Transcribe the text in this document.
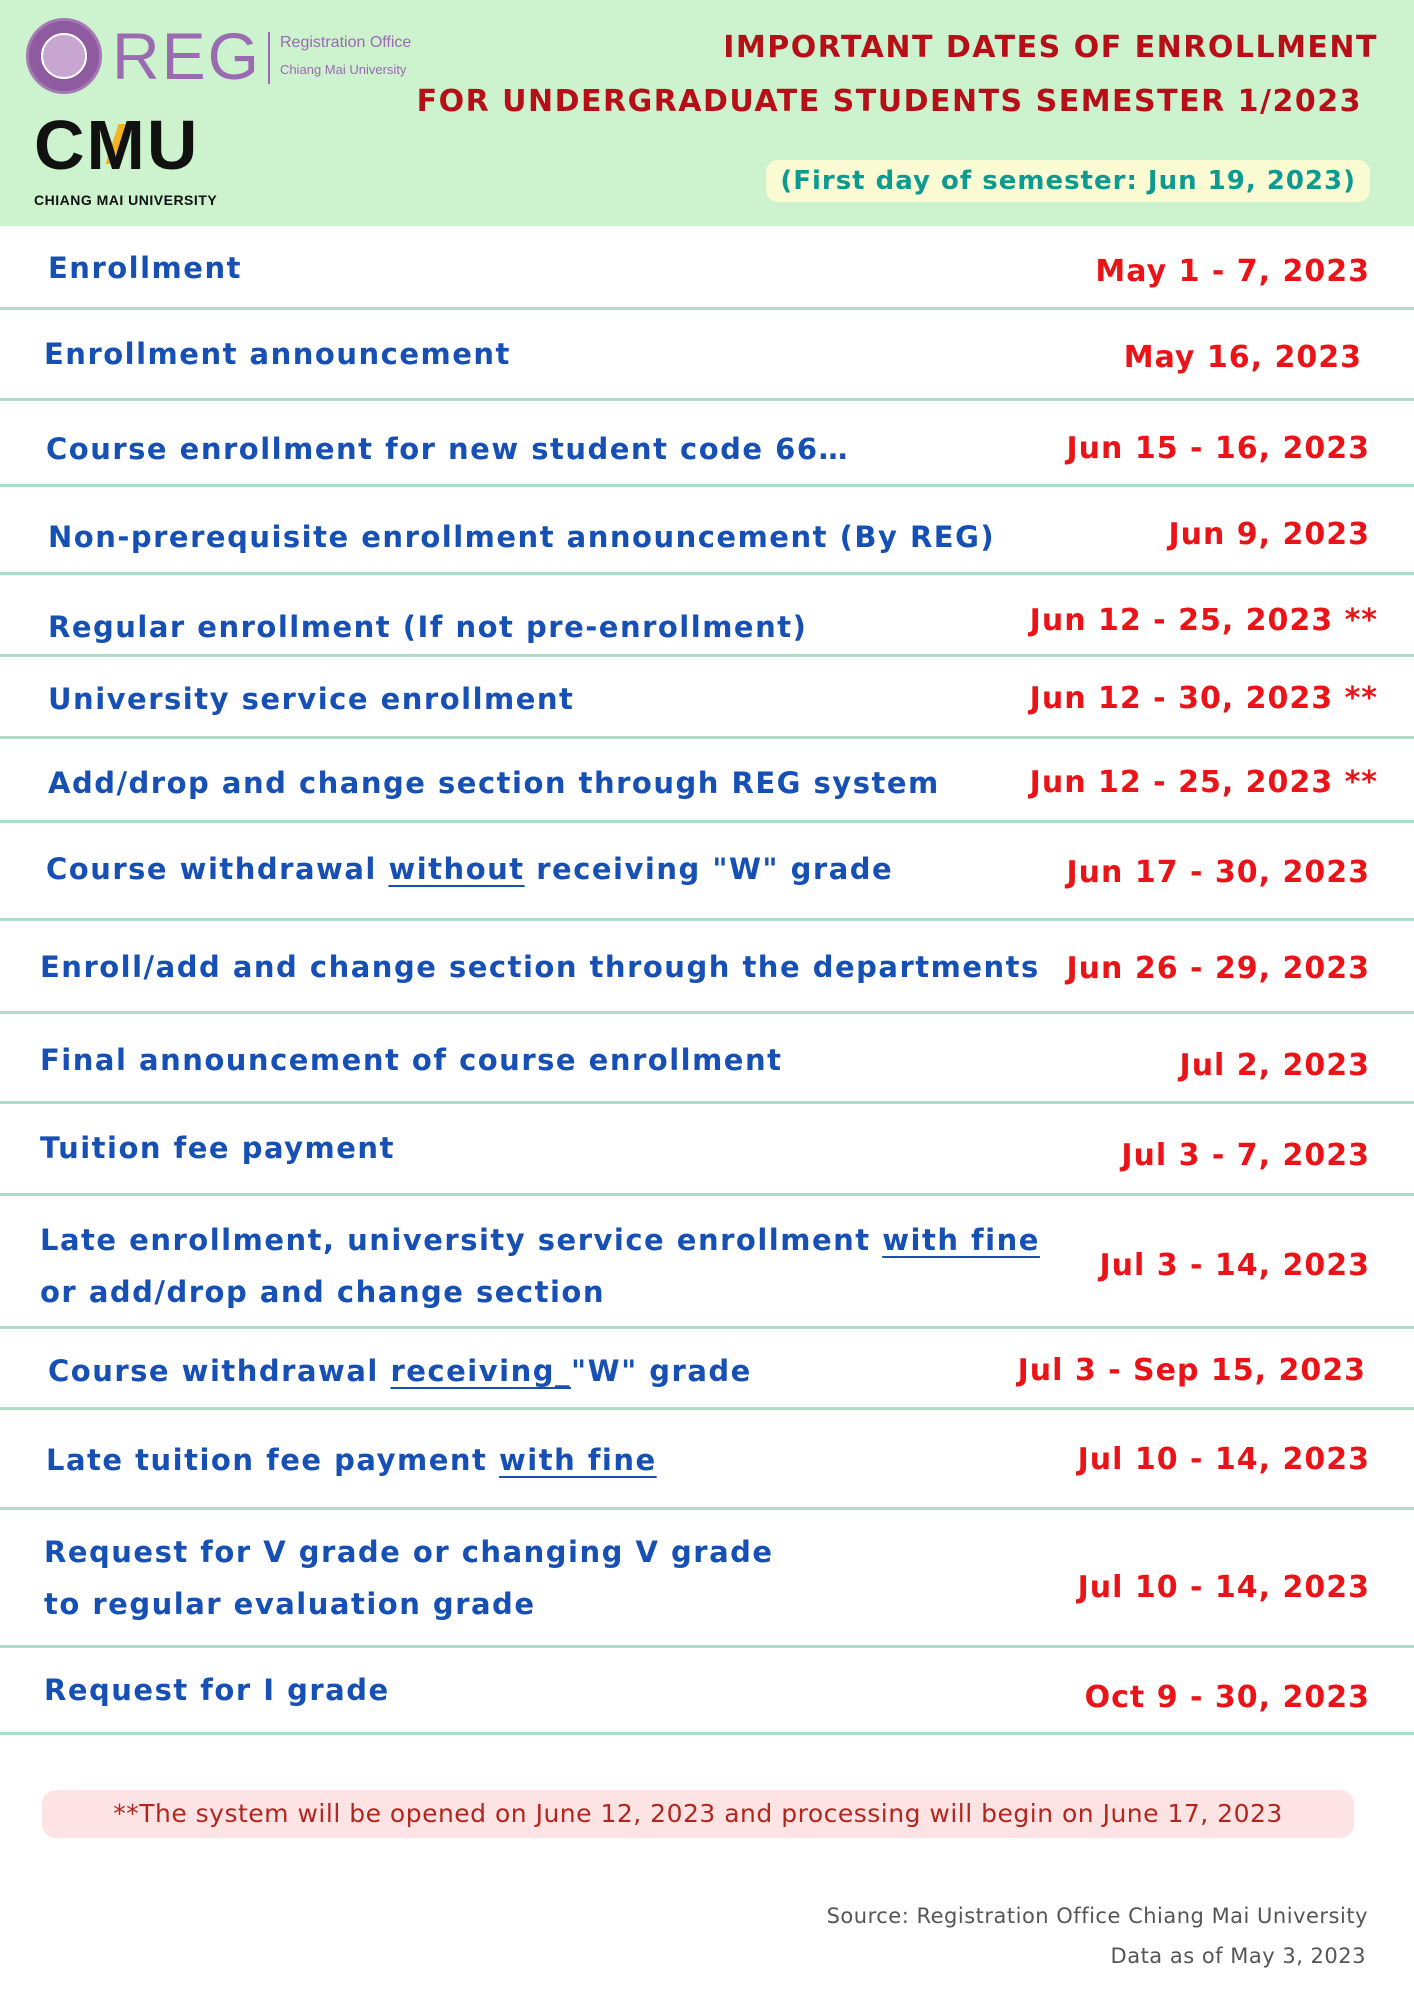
REG Registration Office
Chiang Mai University
CMU
CHIANG MAI UNIVERSITY
IMPORTANT DATES OF ENROLLMENT
FOR UNDERGRADUATE STUDENTS SEMESTER 1/2023
(First day of semester: Jun 19, 2023)
Enrollment	May 1 - 7, 2023
Enrollment announcement	May 16, 2023
Course enrollment for new student code 66…	Jun 15 - 16, 2023
Non-prerequisite enrollment announcement (By REG)	Jun 9, 2023
Regular enrollment (If not pre-enrollment)	Jun 12 - 25, 2023 **
University service enrollment	Jun 12 - 30, 2023 **
Add/drop and change section through REG system	Jun 12 - 25, 2023 **
Course withdrawal without receiving "W" grade	Jun 17 - 30, 2023
Enroll/add and change section through the departments Jun 26 - 29, 2023
Final announcement of course enrollment	Jul 2, 2023
Tuition fee payment	Jul 3 - 7, 2023
Late enrollment, university service enrollment with fine
or add/drop and change section
Jul 3 - 14, 2023
Course withdrawal receiving_"W" grade	Jul 3 - Sep 15, 2023
Late tuition fee payment with fine	Jul 10 - 14, 2023
Request for V grade or changing V grade
to regular evaluation grade	Jul 10 - 14, 2023
Request for I grade	Oct 9 - 30, 2023
**The system will be opened on June 12, 2023 and processing will begin on June 17, 2023
Source: Registration Office Chiang Mai University
Data as of May 3, 2023
